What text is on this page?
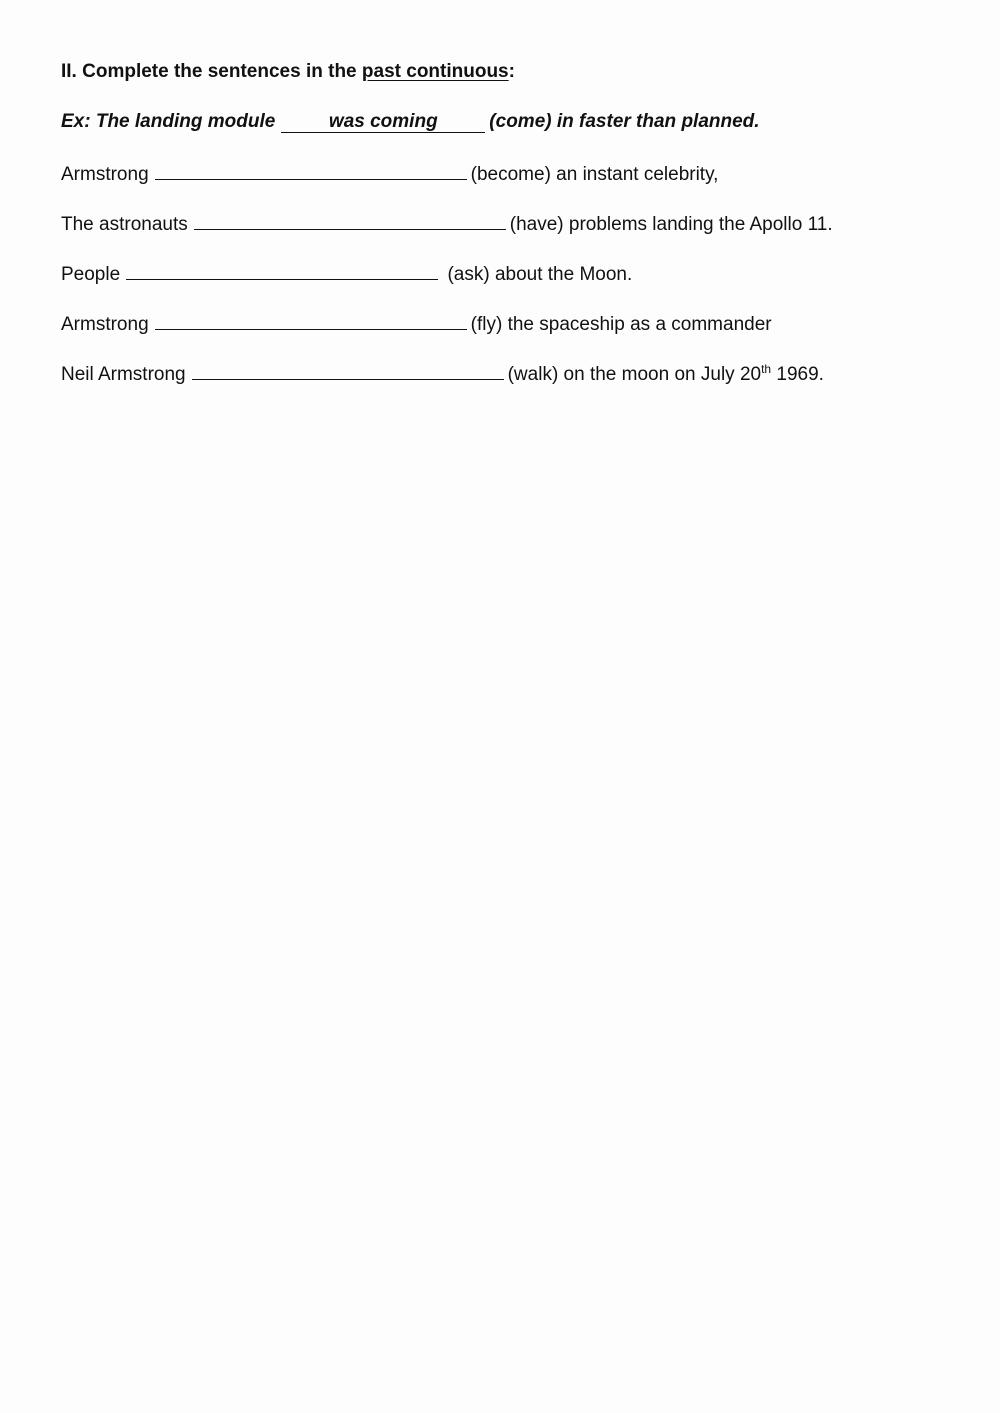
II. Complete the sentences in the past continuous:
Ex: The landing module	was coming	(come) in faster than planned.
Armstrong	(become) an instant celebrity,
The astronauts	(have) problems landing the Apollo 11.
People	(ask) about the Moon.
Armstrong	(fly) the spaceship as a commander
Neil Armstrong	(walk) on the moon on July 20th 1969.
